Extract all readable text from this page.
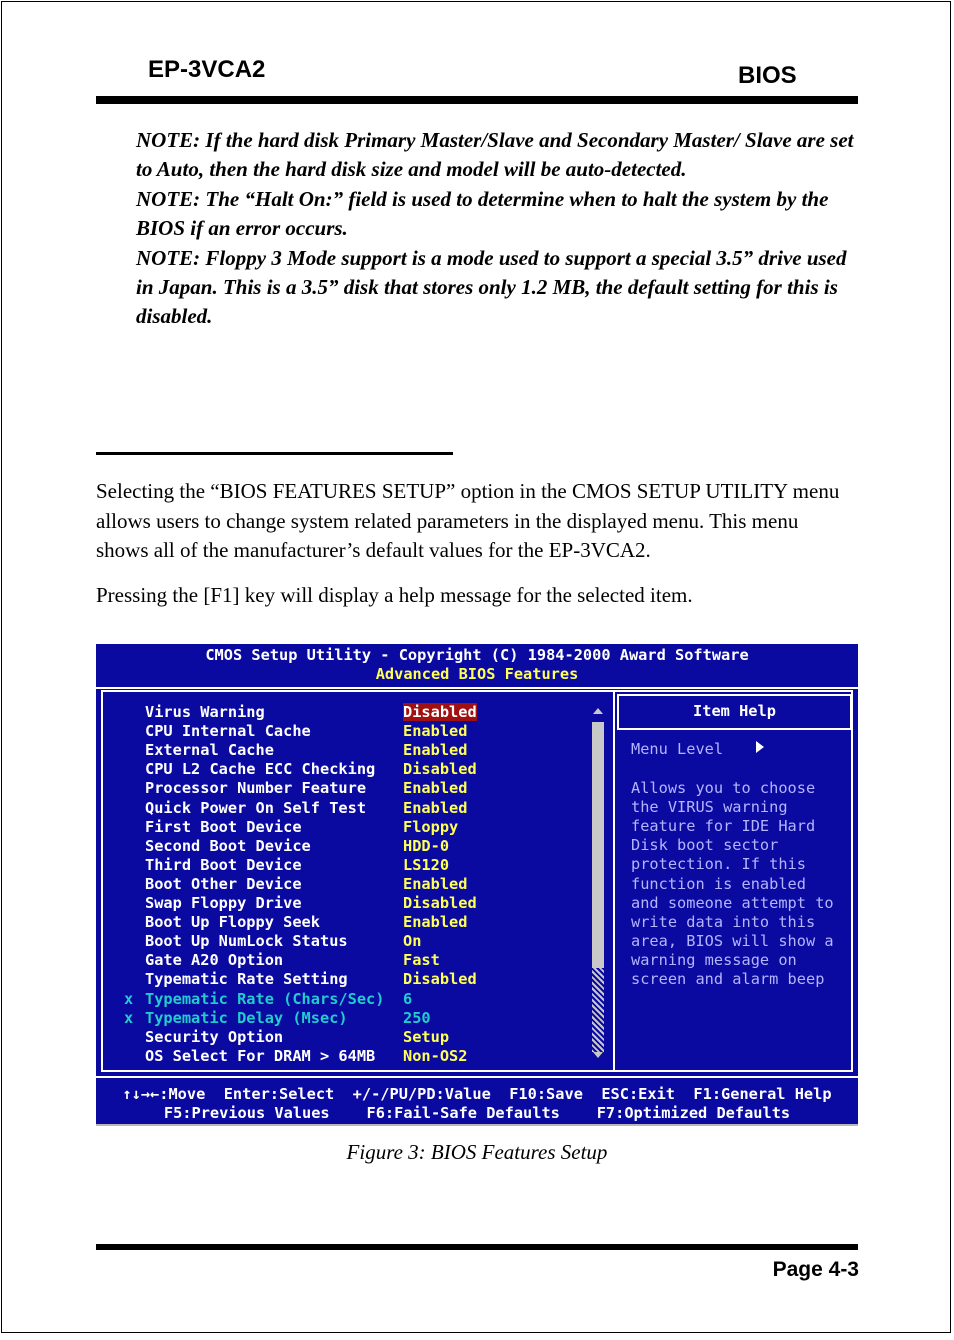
EP-3VCA2	BIOS

NOTE: If the hard disk Primary Master/Slave and Secondary Master/ Slave are set to Auto, then the hard disk size and model will be auto-detected.

NOTE: The “Halt On:” field is used to determine when to halt the system by the BIOS if an error occurs.

NOTE: Floppy 3 Mode support is a mode used to support a special 3.5” drive used in Japan. This is a 3.5” disk that stores only 1.2 MB, the default setting for this is disabled.

Selecting the “BIOS FEATURES SETUP” option in the CMOS SETUP UTILITY menu allows users to change system related parameters in the displayed menu. This menu shows all of the manufacturer’s default values for the EP-3VCA2.

Pressing the [F1] key will display a help message for the selected item.

CMOS Setup Utility - Copyright (C) 1984-2000 Award Software
Advanced BIOS Features
Item Help
Virus Warning	Disabled
CPU Internal Cache	Enabled
External Cache	Enabled
CPU L2 Cache ECC Checking Disabled
Processor Number Feature Enabled
Quick Power On Self Test Enabled
First Boot Device	Floppy
Second Boot Device	HDD-0
Third Boot Device	LS120
Boot Other Device	Enabled
Swap Floppy Drive	Disabled
Boot Up Floppy Seek	Enabled
Boot Up NumLock Status	On
Gate A20 Option	Fast
Typematic Rate Setting	Disabled
x Typematic Rate (Chars/Sec) 6
x Typematic Delay (Msec)	250
Security Option	Setup
OS Select For DRAM > 64MB Non-OS2
Menu Level
Allows you to choose
the VIRUS warning
feature for IDE Hard
Disk boot sector
protection. If this
function is enabled
and someone attempt to
write data into this
area, BIOS will show a
warning message on
screen and alarm beep
↑↓→←:Move  Enter:Select  +/-/PU/PD:Value  F10:Save  ESC:Exit  F1:General Help
F5:Previous Values    F6:Fail-Safe Defaults    F7:Optimized Defaults
Figure 3: BIOS Features Setup
Page 4-3
